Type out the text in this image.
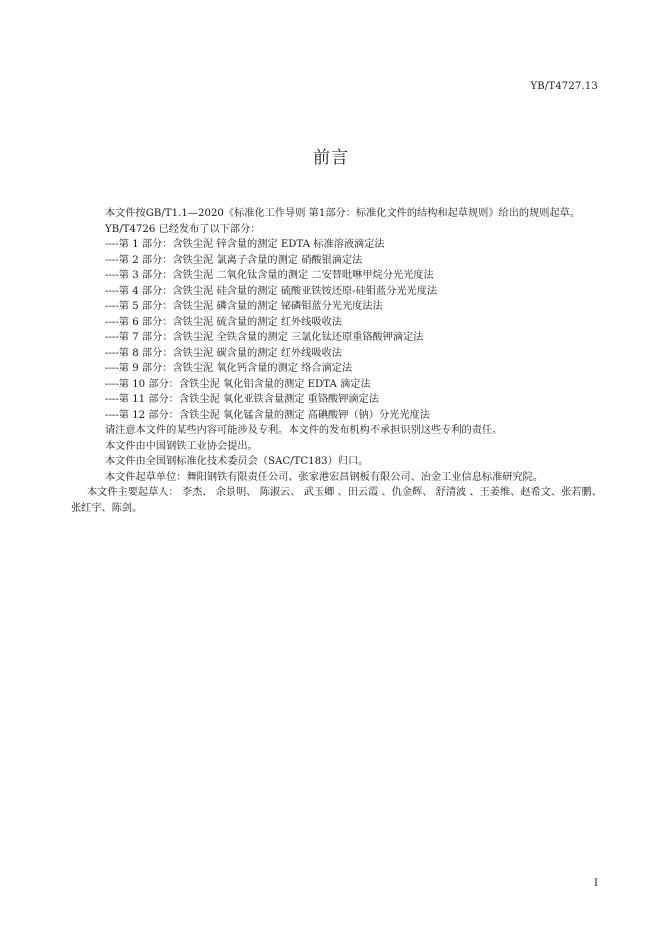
YB/T4727.13
前言

本文件按GB/T1.1—2020《标准化工作导则 第1部分：标准化文件的结构和起草规则》给出的规则起草。

YB/T4726 已经发布了以下部分：

----第 1 部分：含铁尘泥 锌含量的测定 EDTA 标准溶液滴定法

----第 2 部分：含铁尘泥 氯离子含量的测定 硝酸银滴定法

----第 3 部分：含铁尘泥 二氧化钛含量的测定 二安替吡啉甲烷分光光度法

----第 4 部分：含铁尘泥 硅含量的测定 硫酸亚铁铵还原-硅钼蓝分光光度法

----第 5 部分：含铁尘泥 磷含量的测定 铋磷钼蓝分光光度法法

----第 6 部分：含铁尘泥 硫含量的测定 红外线吸收法

----第 7 部分：含铁尘泥 全铁含量的测定 三氯化钛还原重铬酸钾滴定法

----第 8 部分：含铁尘泥 碳含量的测定 红外线吸收法

----第 9 部分：含铁尘泥 氧化钙含量的测定 络合滴定法

----第 10 部分：含铁尘泥 氧化铝含量的测定 EDTA 滴定法

----第 11 部分：含铁尘泥 氧化亚铁含量测定 重铬酸钾滴定法

----第 12 部分：含铁尘泥 氧化锰含量的测定 高碘酸钾（钠）分光光度法

请注意本文件的某些内容可能涉及专利。本文件的发布机构不承担识别这些专利的责任。

本文件由中国钢铁工业协会提出。

本文件由全国钢标准化技术委员会（SAC/TC183）归口。

本文件起草单位：舞阳钢铁有限责任公司、张家港宏昌钢板有限公司、冶金工业信息标准研究院。

本文件主要起草人： 李杰、 余景明、 陈淑云、 武玉卿 、田云霞 、仇金辉、 舒清波 、王姜维、赵希文、张若鹏、张红宇、陈剑。

I
